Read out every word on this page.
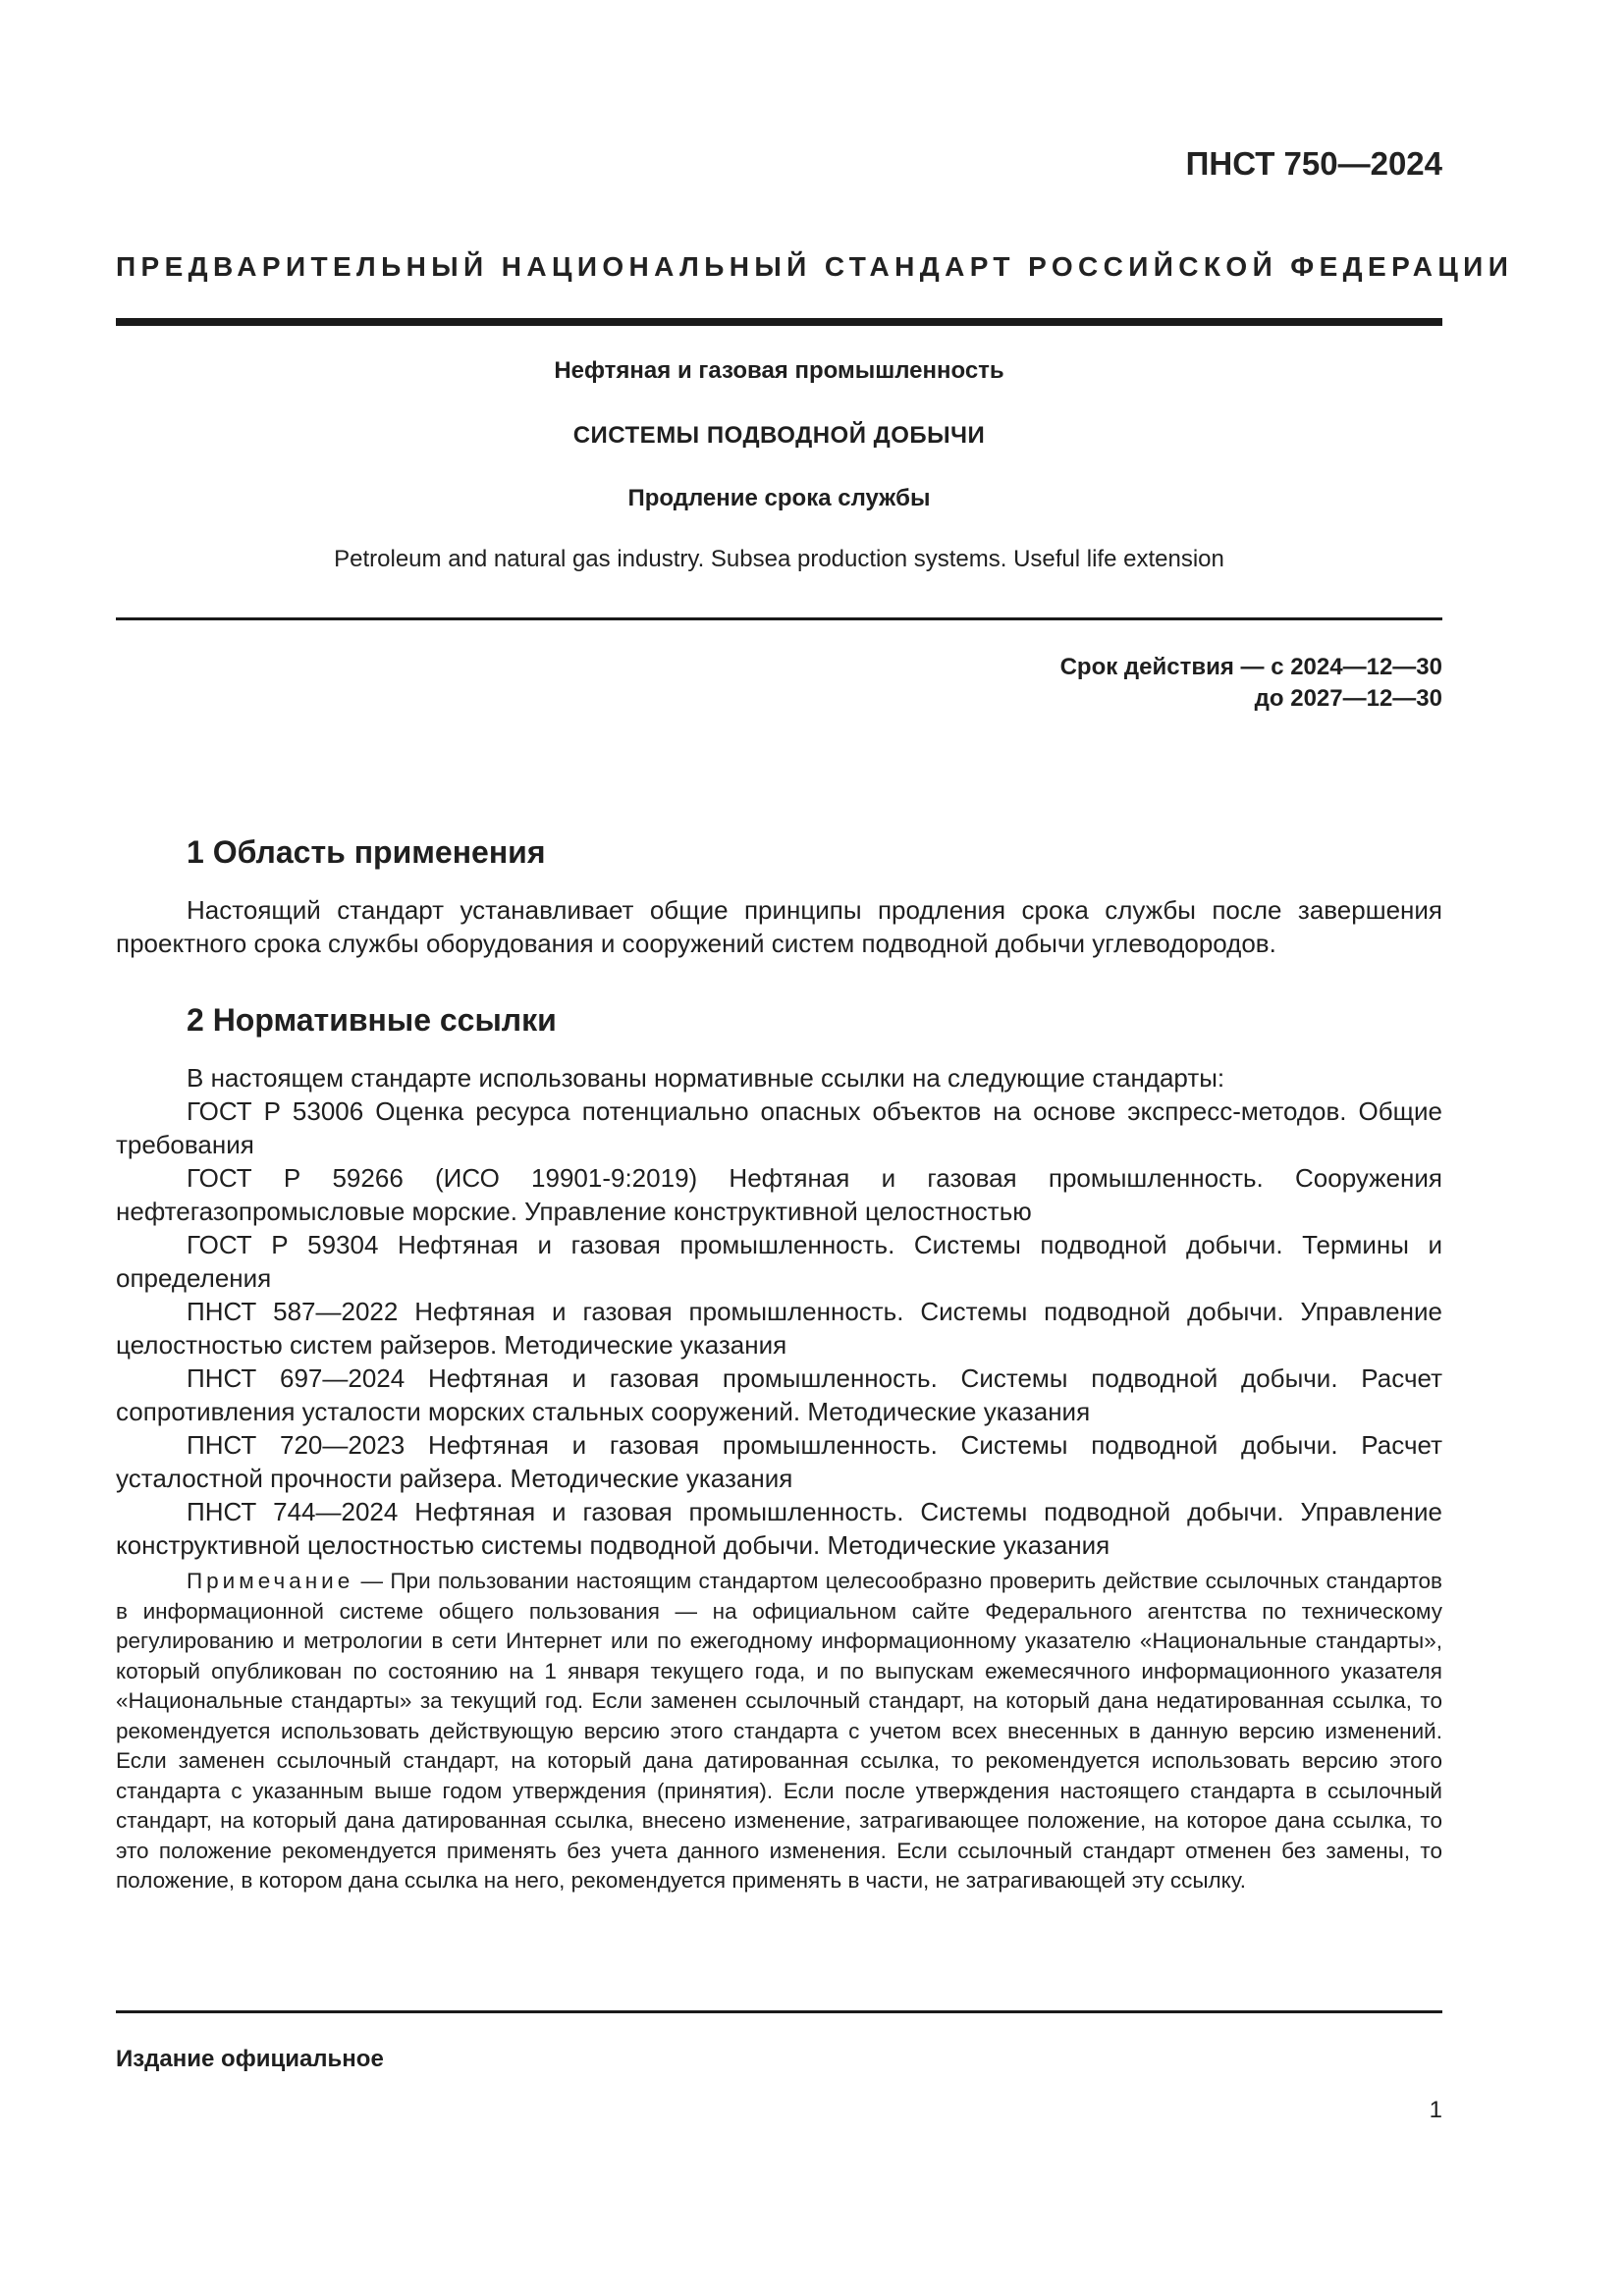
ПНСТ 750—2024
ПРЕДВАРИТЕЛЬНЫЙ НАЦИОНАЛЬНЫЙ СТАНДАРТ РОССИЙСКОЙ ФЕДЕРАЦИИ
Нефтяная и газовая промышленность
СИСТЕМЫ ПОДВОДНОЙ ДОБЫЧИ
Продление срока службы
Petroleum and natural gas industry. Subsea production systems. Useful life extension
Срок действия — с 2024—12—30
до 2027—12—30
1 Область применения

Настоящий стандарт устанавливает общие принципы продления срока службы после завершения проектного срока службы оборудования и сооружений систем подводной добычи углеводородов.

2 Нормативные ссылки

В настоящем стандарте использованы нормативные ссылки на следующие стандарты:

ГОСТ Р 53006 Оценка ресурса потенциально опасных объектов на основе экспресс-методов. Общие требования

ГОСТ Р 59266 (ИСО 19901-9:2019) Нефтяная и газовая промышленность. Сооружения нефтегазопромысловые морские. Управление конструктивной целостностью

ГОСТ Р 59304 Нефтяная и газовая промышленность. Системы подводной добычи. Термины и определения

ПНСТ 587—2022 Нефтяная и газовая промышленность. Системы подводной добычи. Управление целостностью систем райзеров. Методические указания

ПНСТ 697—2024 Нефтяная и газовая промышленность. Системы подводной добычи. Расчет сопротивления усталости морских стальных сооружений. Методические указания

ПНСТ 720—2023 Нефтяная и газовая промышленность. Системы подводной добычи. Расчет усталостной прочности райзера. Методические указания

ПНСТ 744—2024 Нефтяная и газовая промышленность. Системы подводной добычи. Управление конструктивной целостностью системы подводной добычи. Методические указания

Примечание — При пользовании настоящим стандартом целесообразно проверить действие ссылочных стандартов в информационной системе общего пользования — на официальном сайте Федерального агентства по техническому регулированию и метрологии в сети Интернет или по ежегодному информационному указателю «Национальные стандарты», который опубликован по состоянию на 1 января текущего года, и по выпускам ежемесячного информационного указателя «Национальные стандарты» за текущий год. Если заменен ссылочный стандарт, на который дана недатированная ссылка, то рекомендуется использовать действующую версию этого стандарта с учетом всех внесенных в данную версию изменений. Если заменен ссылочный стандарт, на который дана датированная ссылка, то рекомендуется использовать версию этого стандарта с указанным выше годом утверждения (принятия). Если после утверждения настоящего стандарта в ссылочный стандарт, на который дана датированная ссылка, внесено изменение, затрагивающее положение, на которое дана ссылка, то это положение рекомендуется применять без учета данного изменения. Если ссылочный стандарт отменен без замены, то положение, в котором дана ссылка на него, рекомендуется применять в части, не затрагивающей эту ссылку.
Издание официальное
1
